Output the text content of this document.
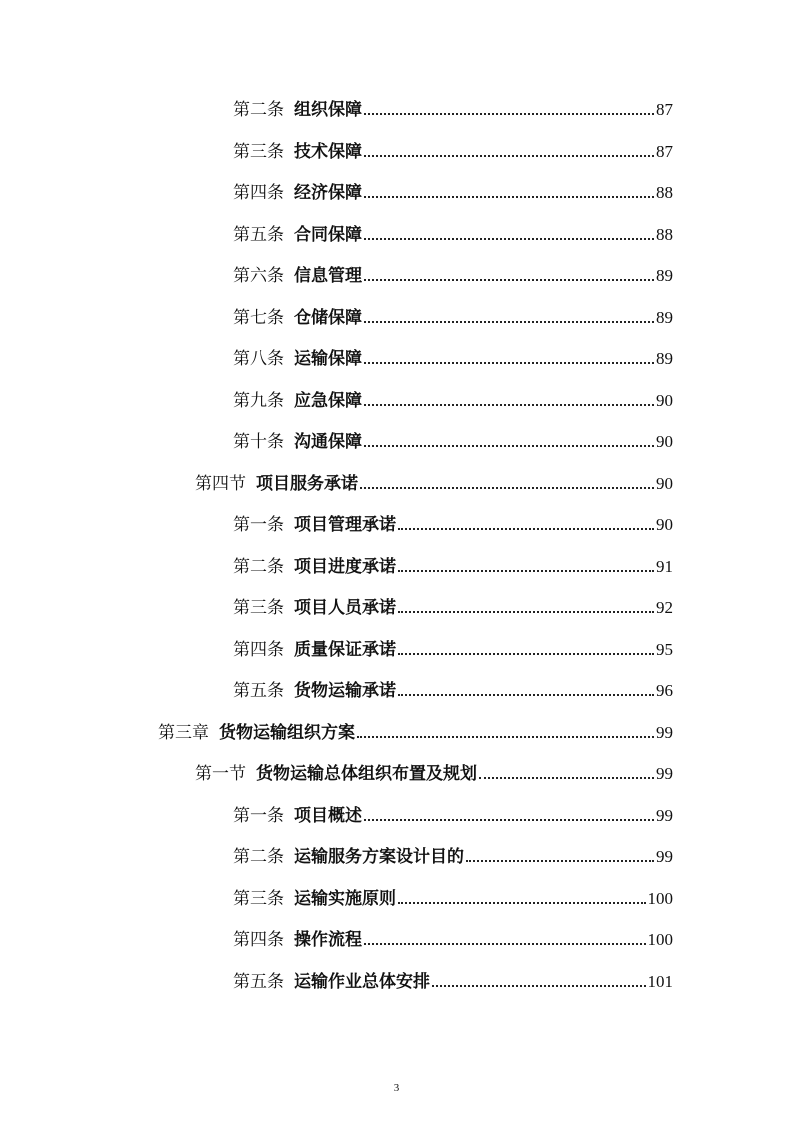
第二条 组织保障	87
第三条 技术保障	87
第四条 经济保障	88
第五条 合同保障	88
第六条 信息管理	89
第七条 仓储保障	89
第八条 运输保障	89
第九条 应急保障	90
第十条 沟通保障	90
第四节 项目服务承诺	90
第一条 项目管理承诺	90
第二条 项目进度承诺	91
第三条 项目人员承诺	92
第四条 质量保证承诺	95
第五条 货物运输承诺	96
第三章 货物运输组织方案	99
第一节 货物运输总体组织布置及规划	99
第一条 项目概述	99
第二条 运输服务方案设计目的	99
第三条 运输实施原则	100
第四条 操作流程	100
第五条 运输作业总体安排	101
3
